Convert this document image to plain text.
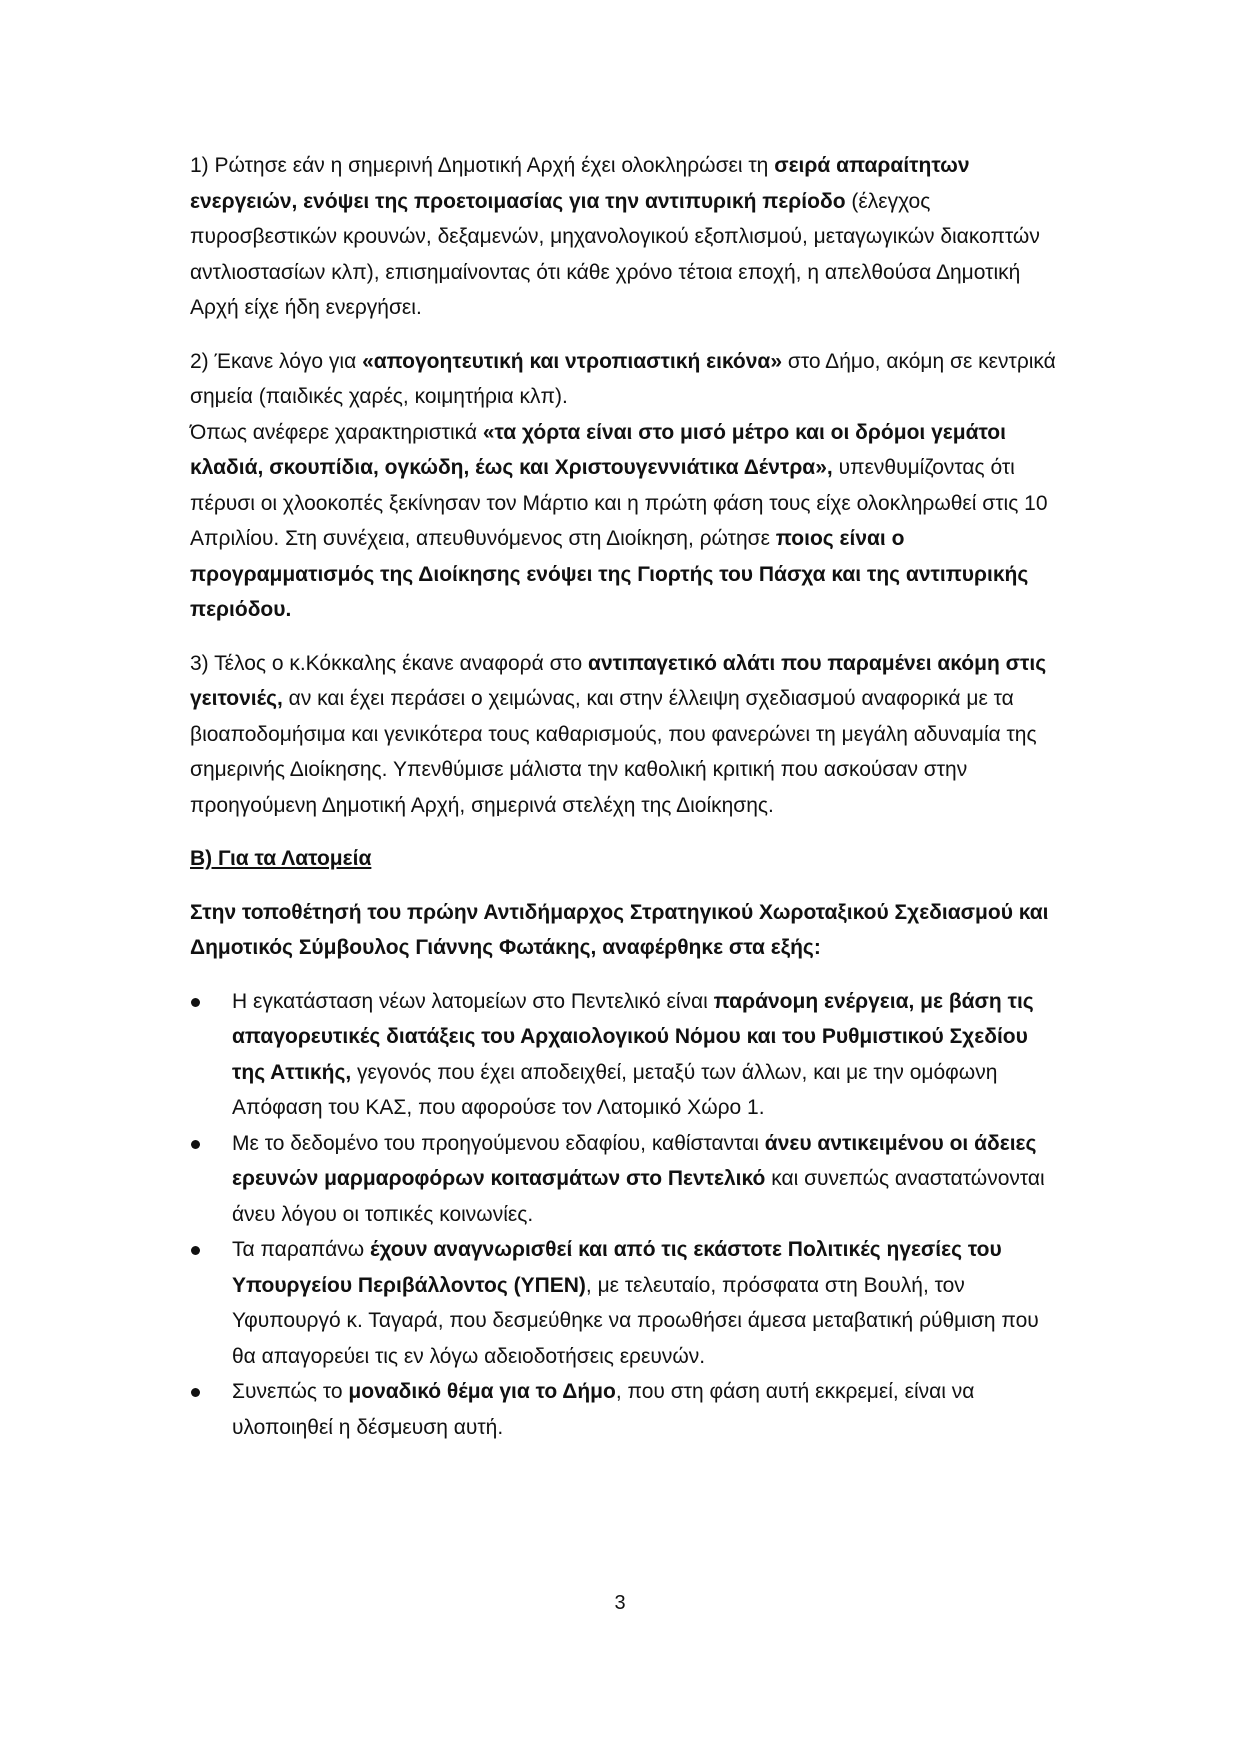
1) Ρώτησε εάν η σημερινή Δημοτική Αρχή έχει ολοκληρώσει τη σειρά απαραίτητων ενεργειών, ενόψει της προετοιμασίας για την αντιπυρική περίοδο (έλεγχος πυροσβεστικών κρουνών, δεξαμενών, μηχανολογικού εξοπλισμού, μεταγωγικών διακοπτών αντλιοστασίων κλπ), επισημαίνοντας ότι κάθε χρόνο τέτοια εποχή, η απελθούσα Δημοτική Αρχή είχε ήδη ενεργήσει.

2) Έκανε λόγο για «απογοητευτική και ντροπιαστική εικόνα» στο Δήμο, ακόμη σε κεντρικά σημεία (παιδικές χαρές, κοιμητήρια κλπ).
Όπως ανέφερε χαρακτηριστικά «τα χόρτα είναι στο μισό μέτρο και οι δρόμοι γεμάτοι κλαδιά, σκουπίδια, ογκώδη, έως και Χριστουγεννιάτικα Δέντρα», υπενθυμίζοντας ότι πέρυσι οι χλοοκοπές ξεκίνησαν τον Μάρτιο και η πρώτη φάση τους είχε ολοκληρωθεί στις 10 Απριλίου. Στη συνέχεια, απευθυνόμενος στη Διοίκηση, ρώτησε ποιος είναι ο προγραμματισμός της Διοίκησης ενόψει της Γιορτής του Πάσχα και της αντιπυρικής περιόδου.

3) Τέλος ο κ.Κόκκαλης έκανε αναφορά στο αντιπαγετικό αλάτι που παραμένει ακόμη στις γειτονιές, αν και έχει περάσει ο χειμώνας, και στην έλλειψη σχεδιασμού αναφορικά με τα βιοαποδομήσιμα και γενικότερα τους καθαρισμούς, που φανερώνει τη μεγάλη αδυναμία της σημερινής Διοίκησης. Υπενθύμισε μάλιστα την καθολική κριτική που ασκούσαν στην προηγούμενη Δημοτική Αρχή, σημερινά στελέχη της Διοίκησης.

Β) Για τα Λατομεία

Στην τοποθέτησή του πρώην Αντιδήμαρχος Στρατηγικού Χωροταξικού Σχεδιασμού και Δημοτικός Σύμβουλος Γιάννης Φωτάκης, αναφέρθηκε στα εξής:

Η εγκατάσταση νέων λατομείων στο Πεντελικό είναι παράνομη ενέργεια, με βάση τις απαγορευτικές διατάξεις του Αρχαιολογικού Νόμου και του Ρυθμιστικού Σχεδίου της Αττικής, γεγονός που έχει αποδειχθεί, μεταξύ των άλλων, και με την ομόφωνη Απόφαση του ΚΑΣ, που αφορούσε τον Λατομικό Χώρο 1.
Με το δεδομένο του προηγούμενου εδαφίου, καθίστανται άνευ αντικειμένου οι άδειες ερευνών μαρμαροφόρων κοιτασμάτων στο Πεντελικό και συνεπώς αναστατώνονται άνευ λόγου οι τοπικές κοινωνίες.
Τα παραπάνω έχουν αναγνωρισθεί και από τις εκάστοτε Πολιτικές ηγεσίες του Υπουργείου Περιβάλλοντος (ΥΠΕΝ), με τελευταίο, πρόσφατα στη Βουλή, τον Υφυπουργό κ. Ταγαρά, που δεσμεύθηκε να προωθήσει άμεσα μεταβατική ρύθμιση που θα απαγορεύει τις εν λόγω αδειοδοτήσεις ερευνών.
Συνεπώς το μοναδικό θέμα για το Δήμο, που στη φάση αυτή εκκρεμεί, είναι να υλοποιηθεί η δέσμευση αυτή.
3
